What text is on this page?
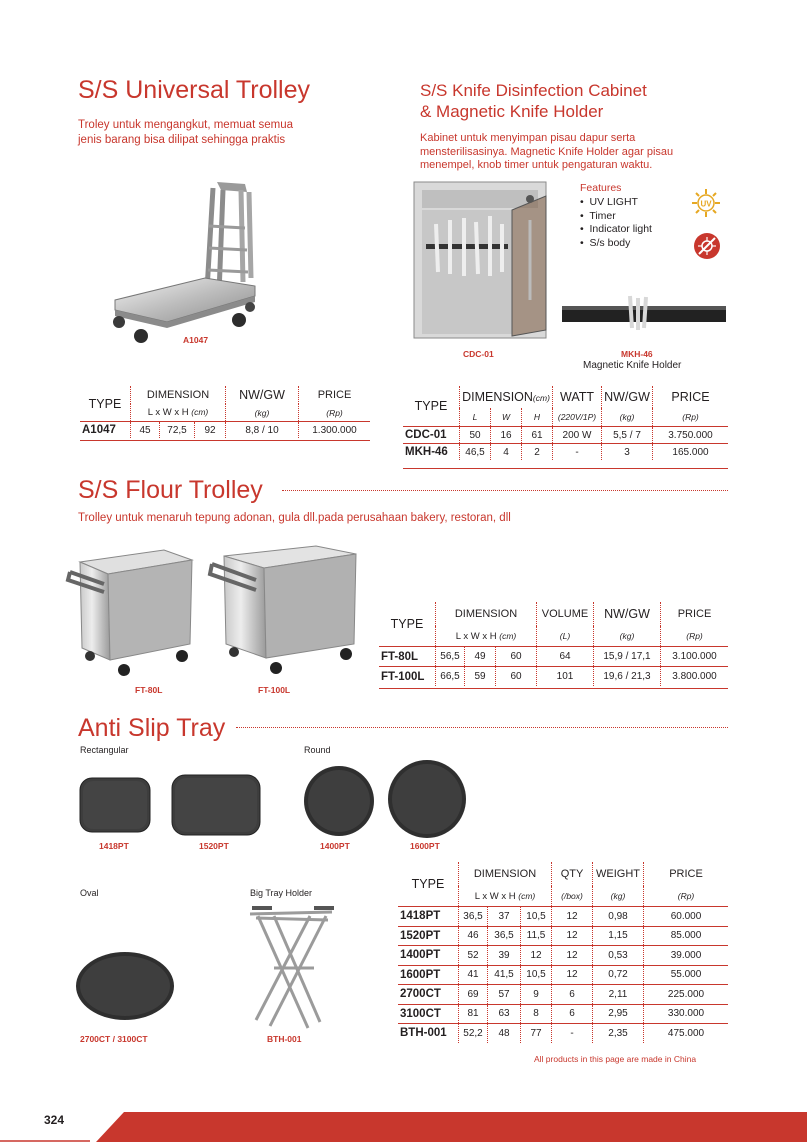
S/S Universal Trolley
Troley untuk mengangkut, memuat semua jenis barang bisa dilipat sehingga praktis
A1047
TYPE	DIMENSION			NW/GW	PRICE
	L x W x H (cm)			(kg)	(Rp)
A1047	45	72,5	92	8,8 / 10	1.300.000
S/S Knife Disinfection Cabinet
& Magnetic Knife Holder
Kabinet untuk menyimpan pisau dapur serta mensterilisasinya. Magnetic Knife Holder agar pisau menempel, knob timer untuk pengaturan waktu.
CDC-01
Features
•  UV LIGHT
•  Timer
•  Indicator light
•  S/s body
UV
MKH-46
Magnetic Knife Holder
TYPE	DIMENSION(cm)			WATT	NW/GW	PRICE
	L	W	H	(220V/1P)	(kg)	(Rp)
CDC-01	50	16	61	200 W	5,5 / 7	3.750.000
MKH-46	46,5	4	2	-	3	165.000
S/S Flour Trolley
Trolley untuk menaruh tepung adonan, gula dll.pada perusahaan bakery, restoran, dll
FT-80L	FT-100L
TYPE	DIMENSION			VOLUME	NW/GW	PRICE
	L x W x H (cm)			(L)	(kg)	(Rp)
FT-80L	56,5	49	60	64	15,9 / 17,1	3.100.000
FT-100L	66,5	59	60	101	19,6 / 21,3	3.800.000
Anti Slip Tray
Rectangular	Round
1418PT	1520PT	1400PT	1600PT
Oval	Big Tray Holder
2700CT / 3100CT	BTH-001
TYPE	DIMENSION			QTY	WEIGHT	PRICE
	L x W x H (cm)			(/box)	(kg)	(Rp)
1418PT	36,5	37	10,5	12	0,98	60.000
1520PT	46	36,5	11,5	12	1,15	85.000
1400PT	52	39	12	12	0,53	39.000
1600PT	41	41,5	10,5	12	0,72	55.000
2700CT	69	57	9	6	2,11	225.000
3100CT	81	63	8	6	2,95	330.000
BTH-001	52,2	48	77	-	2,35	475.000
All products in this page are made in China
324
